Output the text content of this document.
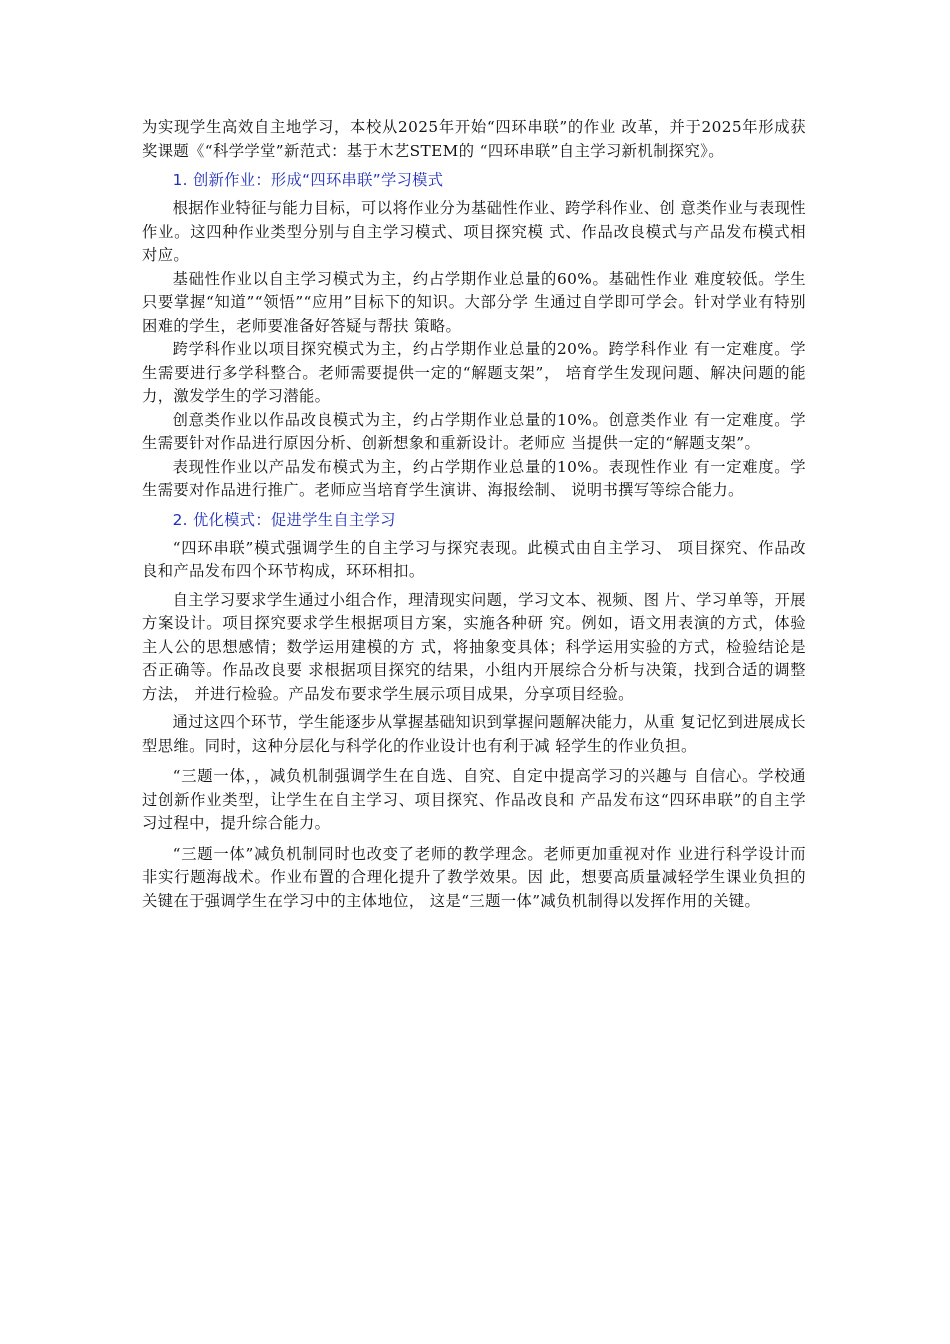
为实现学生高效自主地学习，本校从2025年开始“四环串联”的作业 改革，并于2025年形成获奖课题《“科学学堂”新范式：基于木艺STEM的 “四环串联”自主学习新机制探究》。

1. 创新作业：形成“四环串联”学习模式

根据作业特征与能力目标，可以将作业分为基础性作业、跨学科作业、创 意类作业与表现性作业。这四种作业类型分别与自主学习模式、项目探究模 式、作品改良模式与产品发布模式相对应。

基础性作业以自主学习模式为主，约占学期作业总量的60%。基础性作业 难度较低。学生只要掌握“知道”“领悟”“应用”目标下的知识。大部分学 生通过自学即可学会。针对学业有特别困难的学生，老师要准备好答疑与帮扶 策略。

跨学科作业以项目探究模式为主，约占学期作业总量的20%。跨学科作业 有一定难度。学生需要进行多学科整合。老师需要提供一定的“解题支架”， 培育学生发现问题、解决问题的能力，激发学生的学习潜能。

创意类作业以作品改良模式为主，约占学期作业总量的10%。创意类作业 有一定难度。学生需要针对作品进行原因分析、创新想象和重新设计。老师应 当提供一定的“解题支架”。

表现性作业以产品发布模式为主，约占学期作业总量的10%。表现性作业 有一定难度。学生需要对作品进行推广。老师应当培育学生演讲、海报绘制、 说明书撰写等综合能力。

2. 优化模式：促进学生自主学习

“四环串联”模式强调学生的自主学习与探究表现。此模式由自主学习、 项目探究、作品改良和产品发布四个环节构成，环环相扣。

自主学习要求学生通过小组合作，理清现实问题，学习文本、视频、图 片、学习单等，开展方案设计。项目探究要求学生根据项目方案，实施各种研 究。例如，语文用表演的方式，体验主人公的思想感情；数学运用建模的方 式，将抽象变具体；科学运用实验的方式，检验结论是否正确等。作品改良要 求根据项目探究的结果，小组内开展综合分析与决策，找到合适的调整方法， 并进行检验。产品发布要求学生展示项目成果，分享项目经验。

通过这四个环节，学生能逐步从掌握基础知识到掌握问题解决能力，从重 复记忆到进展成长型思维。同时，这种分层化与科学化的作业设计也有利于减 轻学生的作业负担。

“三题一体，，减负机制强调学生在自选、自究、自定中提高学习的兴趣与 自信心。学校通过创新作业类型，让学生在自主学习、项目探究、作品改良和 产品发布这“四环串联”的自主学习过程中，提升综合能力。

“三题一体”减负机制同时也改变了老师的教学理念。老师更加重视对作 业进行科学设计而非实行题海战术。作业布置的合理化提升了教学效果。因 此，想要高质量减轻学生课业负担的关键在于强调学生在学习中的主体地位， 这是“三题一体”减负机制得以发挥作用的关键。
